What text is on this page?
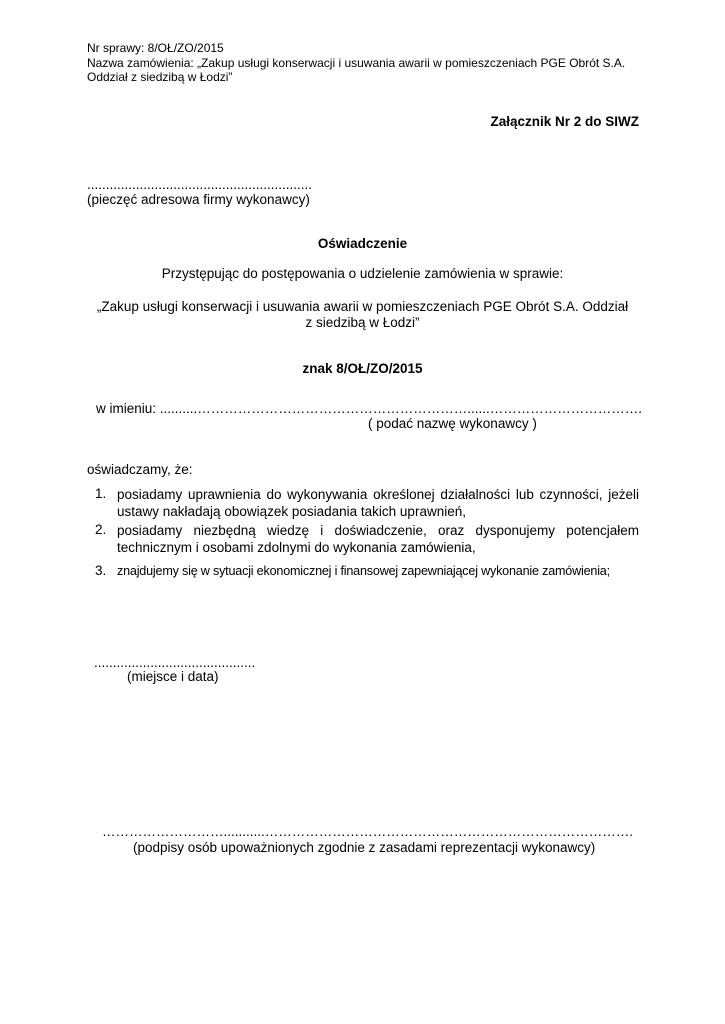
Nr sprawy: 8/OŁ/ZO/2015
Nazwa zamówienia: „Zakup usługi konserwacji i usuwania awarii w pomieszczeniach PGE Obrót S.A.
Oddział z siedzibą w Łodzi”
Załącznik Nr 2 do SIWZ
............................................................
(pieczęć adresowa firmy wykonawcy)
Oświadczenie
Przystępując do postępowania o udzielenie zamówienia w sprawie:
„Zakup usługi konserwacji i usuwania awarii w pomieszczeniach PGE Obrót S.A. Oddział
z siedzibą w Łodzi”
znak 8/OŁ/ZO/2015
w imieniu: ..........……………………………………………………......…………………………….
( podać nazwę wykonawcy )
oświadczamy, że:
1. posiadamy uprawnienia do wykonywania określonej działalności lub czynności, jeżeli ustawy nakładają obowiązek posiadania takich uprawnień,
2. posiadamy niezbędną wiedzę i doświadczenie, oraz dysponujemy potencjałem technicznym i osobami zdolnymi do wykonania zamówienia,
3. znajdujemy się w sytuacji ekonomicznej i finansowej zapewniającej wykonanie zamówienia;
...........................................
(miejsce i data)
………………………...........……………………………………………………………………….
(podpisy osób upoważnionych zgodnie z zasadami reprezentacji wykonawcy)
